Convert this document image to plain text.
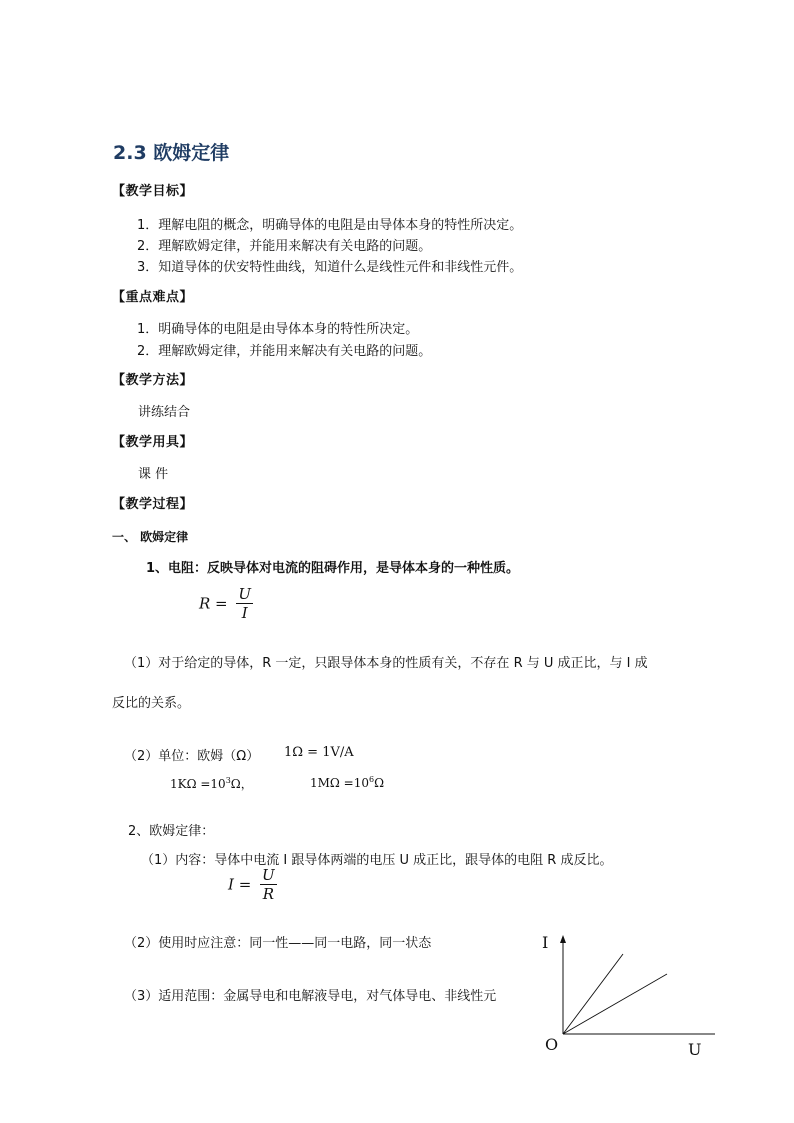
2.3 欧姆定律
【教学目标】
1．理解电阻的概念，明确导体的电阻是由导体本身的特性所决定。
2．理解欧姆定律，并能用来解决有关电路的问题。
3．知道导体的伏安特性曲线，知道什么是线性元件和非线性元件。
【重点难点】
1．明确导体的电阻是由导体本身的特性所决定。
2．理解欧姆定律，并能用来解决有关电路的问题。
【教学方法】
讲练结合
【教学用具】
课 件
【教学过程】
一、 欧姆定律
1、电阻：反映导体对电流的阻碍作用，是导体本身的一种性质。
$R = \frac{U}{I}$
（1）对于给定的导体，R 一定，只跟导体本身的性质有关，不存在 R 与 U 成正比，与 I 成
反比的关系。
（2）单位：欧姆（Ω） 1Ω = 1V/A
$1K\Omega =10^3\Omega$，	$1M\Omega =10^6\Omega$
2、欧姆定律：
（1）内容：导体中电流 I 跟导体两端的电压 U 成正比，跟导体的电阻 R 成反比。
$I = \frac{U}{R}$
（2）使用时应注意：同一性——同一电路，同一状态
（3）适用范围：金属导电和电解液导电，对气体导电、非线性元
I
O	U
